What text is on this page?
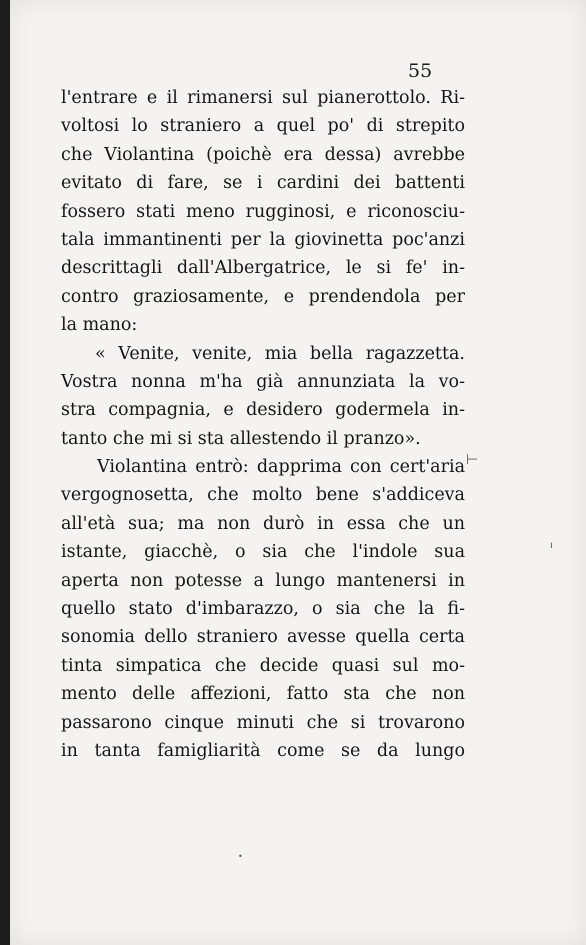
55
l'entrare e il rimanersi sul pianerottolo. Ri-
voltosi lo straniero a quel po' di strepito
che Violantina (poichè era dessa) avrebbe
evitato di fare, se i cardini dei battenti
fossero stati meno rugginosi, e riconosciu-
tala immantinenti per la giovinetta poc'anzi
descrittagli dall'Albergatrice, le si fe' in-
contro graziosamente, e prendendola per
la mano:
« Venite, venite, mia bella ragazzetta.
Vostra nonna m'ha già annunziata la vo-
stra compagnia, e desidero godermela in-
tanto che mi si sta allestendo il pranzo».
Violantina entrò: dapprima con cert'aria
vergognosetta, che molto bene s'addiceva
all'età sua; ma non durò in essa che un
istante, giacchè, o sia che l'indole sua
aperta non potesse a lungo mantenersi in
quello stato d'imbarazzo, o sia che la fi-
sonomia dello straniero avesse quella certa
tinta simpatica che decide quasi sul mo-
mento delle affezioni, fatto sta che non
passarono cinque minuti che si trovarono
in tanta famigliarità come se da lungo
⊢
•
ı
